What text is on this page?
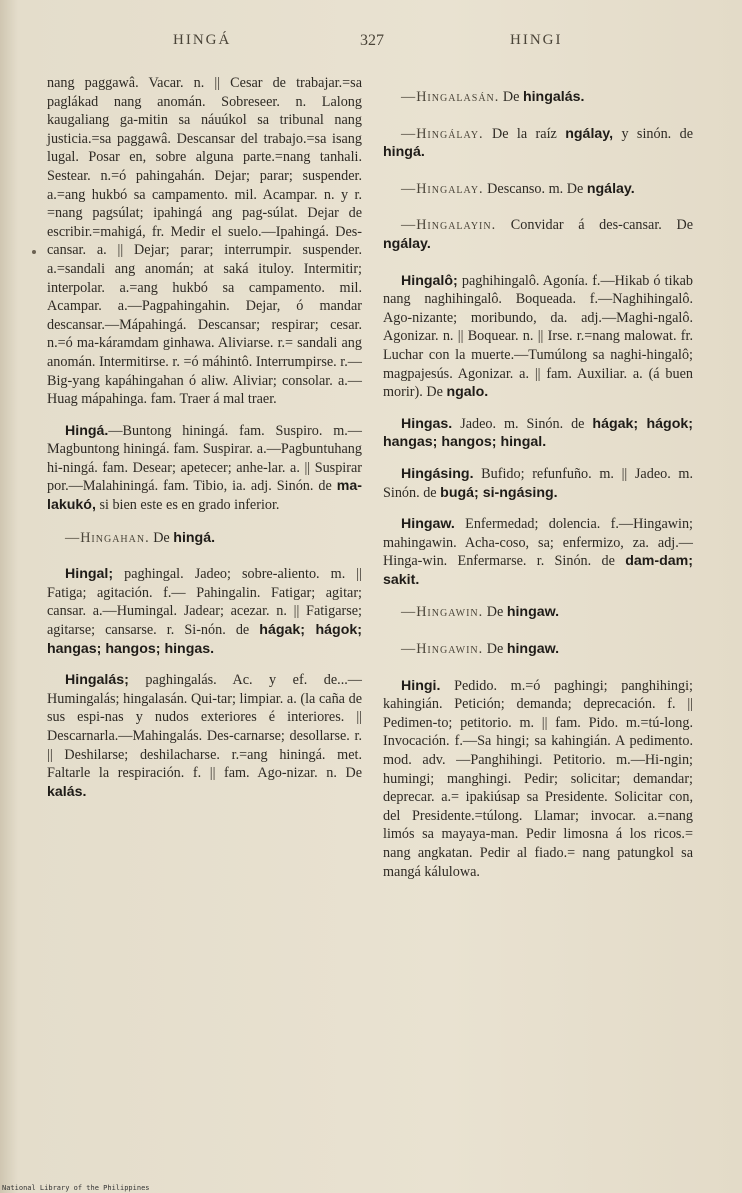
HINGÁ	327	HINGI

nang paggawâ. Vacar. n. || Cesar de trabajar.=sa paglákad nang anomán. Sobreseer. n. Lalong kaugaliang ga-mitin sa náuúkol sa tribunal nang justicia.=sa paggawâ. Descansar del trabajo.=sa isang lugal. Posar en, sobre alguna parte.=nang tanhali. Sestear. n.=ó pahingahán. Dejar; parar; suspender. a.=ang hukbó sa campamento. mil. Acampar. n. y r. =nang pagsúlat; ipahingá ang pag-súlat. Dejar de escribir.=mahigá, fr. Medir el suelo.—Ipahingá. Des-cansar. a. || Dejar; parar; interrumpir. suspender. a.=sandali ang anomán; at saká ituloy. Intermitir; interpolar. a.=ang hukbó sa campamento. mil. Acampar. a.—Pagpahingahin. Dejar, ó mandar descansar.—Mápahingá. Descansar; respirar; cesar. n.=ó ma-káramdam ginhawa. Aliviarse. r.= sandali ang anomán. Intermitirse. r. =ó máhintô. Interrumpirse. r.—Big-yang kapáhingahan ó aliw. Aliviar; consolar. a.—Huag mápahinga. fam. Traer á mal traer.

Hingá.—Buntong hiningá. fam. Suspiro. m.—Magbuntong hiningá. fam. Suspirar. a.—Pagbuntuhang hi-ningá. fam. Desear; apetecer; anhe-lar. a. || Suspirar por.—Malahiningá. fam. Tibio, ia. adj. Sinón. de ma-lakukó, si bien este es en grado inferior.

—Hingahan. De hingá.

Hingal; paghingal. Jadeo; sobre-aliento. m. || Fatiga; agitación. f.— Pahingalin. Fatigar; agitar; cansar. a.—Humingal. Jadear; acezar. n. || Fatigarse; agitarse; cansarse. r. Si-nón. de hágak; hágok; hangas; hangos; hingas.

Hingalás; paghingalás. Ac. y ef. de...—Humingalás; hingalasán. Qui-tar; limpiar. a. (la caña de sus espi-nas y nudos exteriores é interiores. || Descarnarla.—Mahingalás. Des-carnarse; desollarse. r. || Deshilarse; deshilacharse. r.=ang hiningá. met. Faltarle la respiración. f. || fam. Ago-nizar. n. De kalás.

—Hingalasán. De hingalás.

—Hingálay. De la raíz ngálay, y sinón. de hingá.

—Hingalay. Descanso. m. De ngálay.

—Hingalayin. Convidar á des-cansar. De ngálay.

Hingalô; paghihingalô. Agonía. f.—Hikab ó tikab nang naghihingalô. Boqueada. f.—Naghihingalô. Ago-nizante; moribundo, da. adj.—Maghi-ngalô. Agonizar. n. || Boquear. n. || Irse. r.=nang malowat. fr. Luchar con la muerte.—Tumúlong sa naghi-hingalô; magpajesús. Agonizar. a. || fam. Auxiliar. a. (á buen morir). De ngalo.

Hingas. Jadeo. m. Sinón. de hágak; hágok; hangas; hangos; hingal.

Hingásing. Bufido; refunfuño. m. || Jadeo. m. Sinón. de bugá; si-ngásing.

Hingaw. Enfermedad; dolencia. f.—Hingawin; mahingawin. Acha-coso, sa; enfermizo, za. adj.—Hinga-win. Enfermarse. r. Sinón. de dam-dam; sakit.

—Hingawin. De hingaw.

—Hingawin. De hingaw.

Hingi. Pedido. m.=ó paghingi; panghihingi; kahingián. Petición; demanda; deprecación. f. || Pedimen-to; petitorio. m. || fam. Pido. m.=tú-long. Invocación. f.—Sa hingi; sa kahingián. A pedimento. mod. adv. —Panghihingi. Petitorio. m.—Hi-ngin; humingi; manghingi. Pedir; solicitar; demandar; deprecar. a.= ipakiúsap sa Presidente. Solicitar con, del Presidente.=túlong. Llamar; invocar. a.=nang limós sa mayaya-man. Pedir limosna á los ricos.= nang angkatan. Pedir al fiado.= nang patungkol sa mangá kálulowa.

National Library of the Philippines
